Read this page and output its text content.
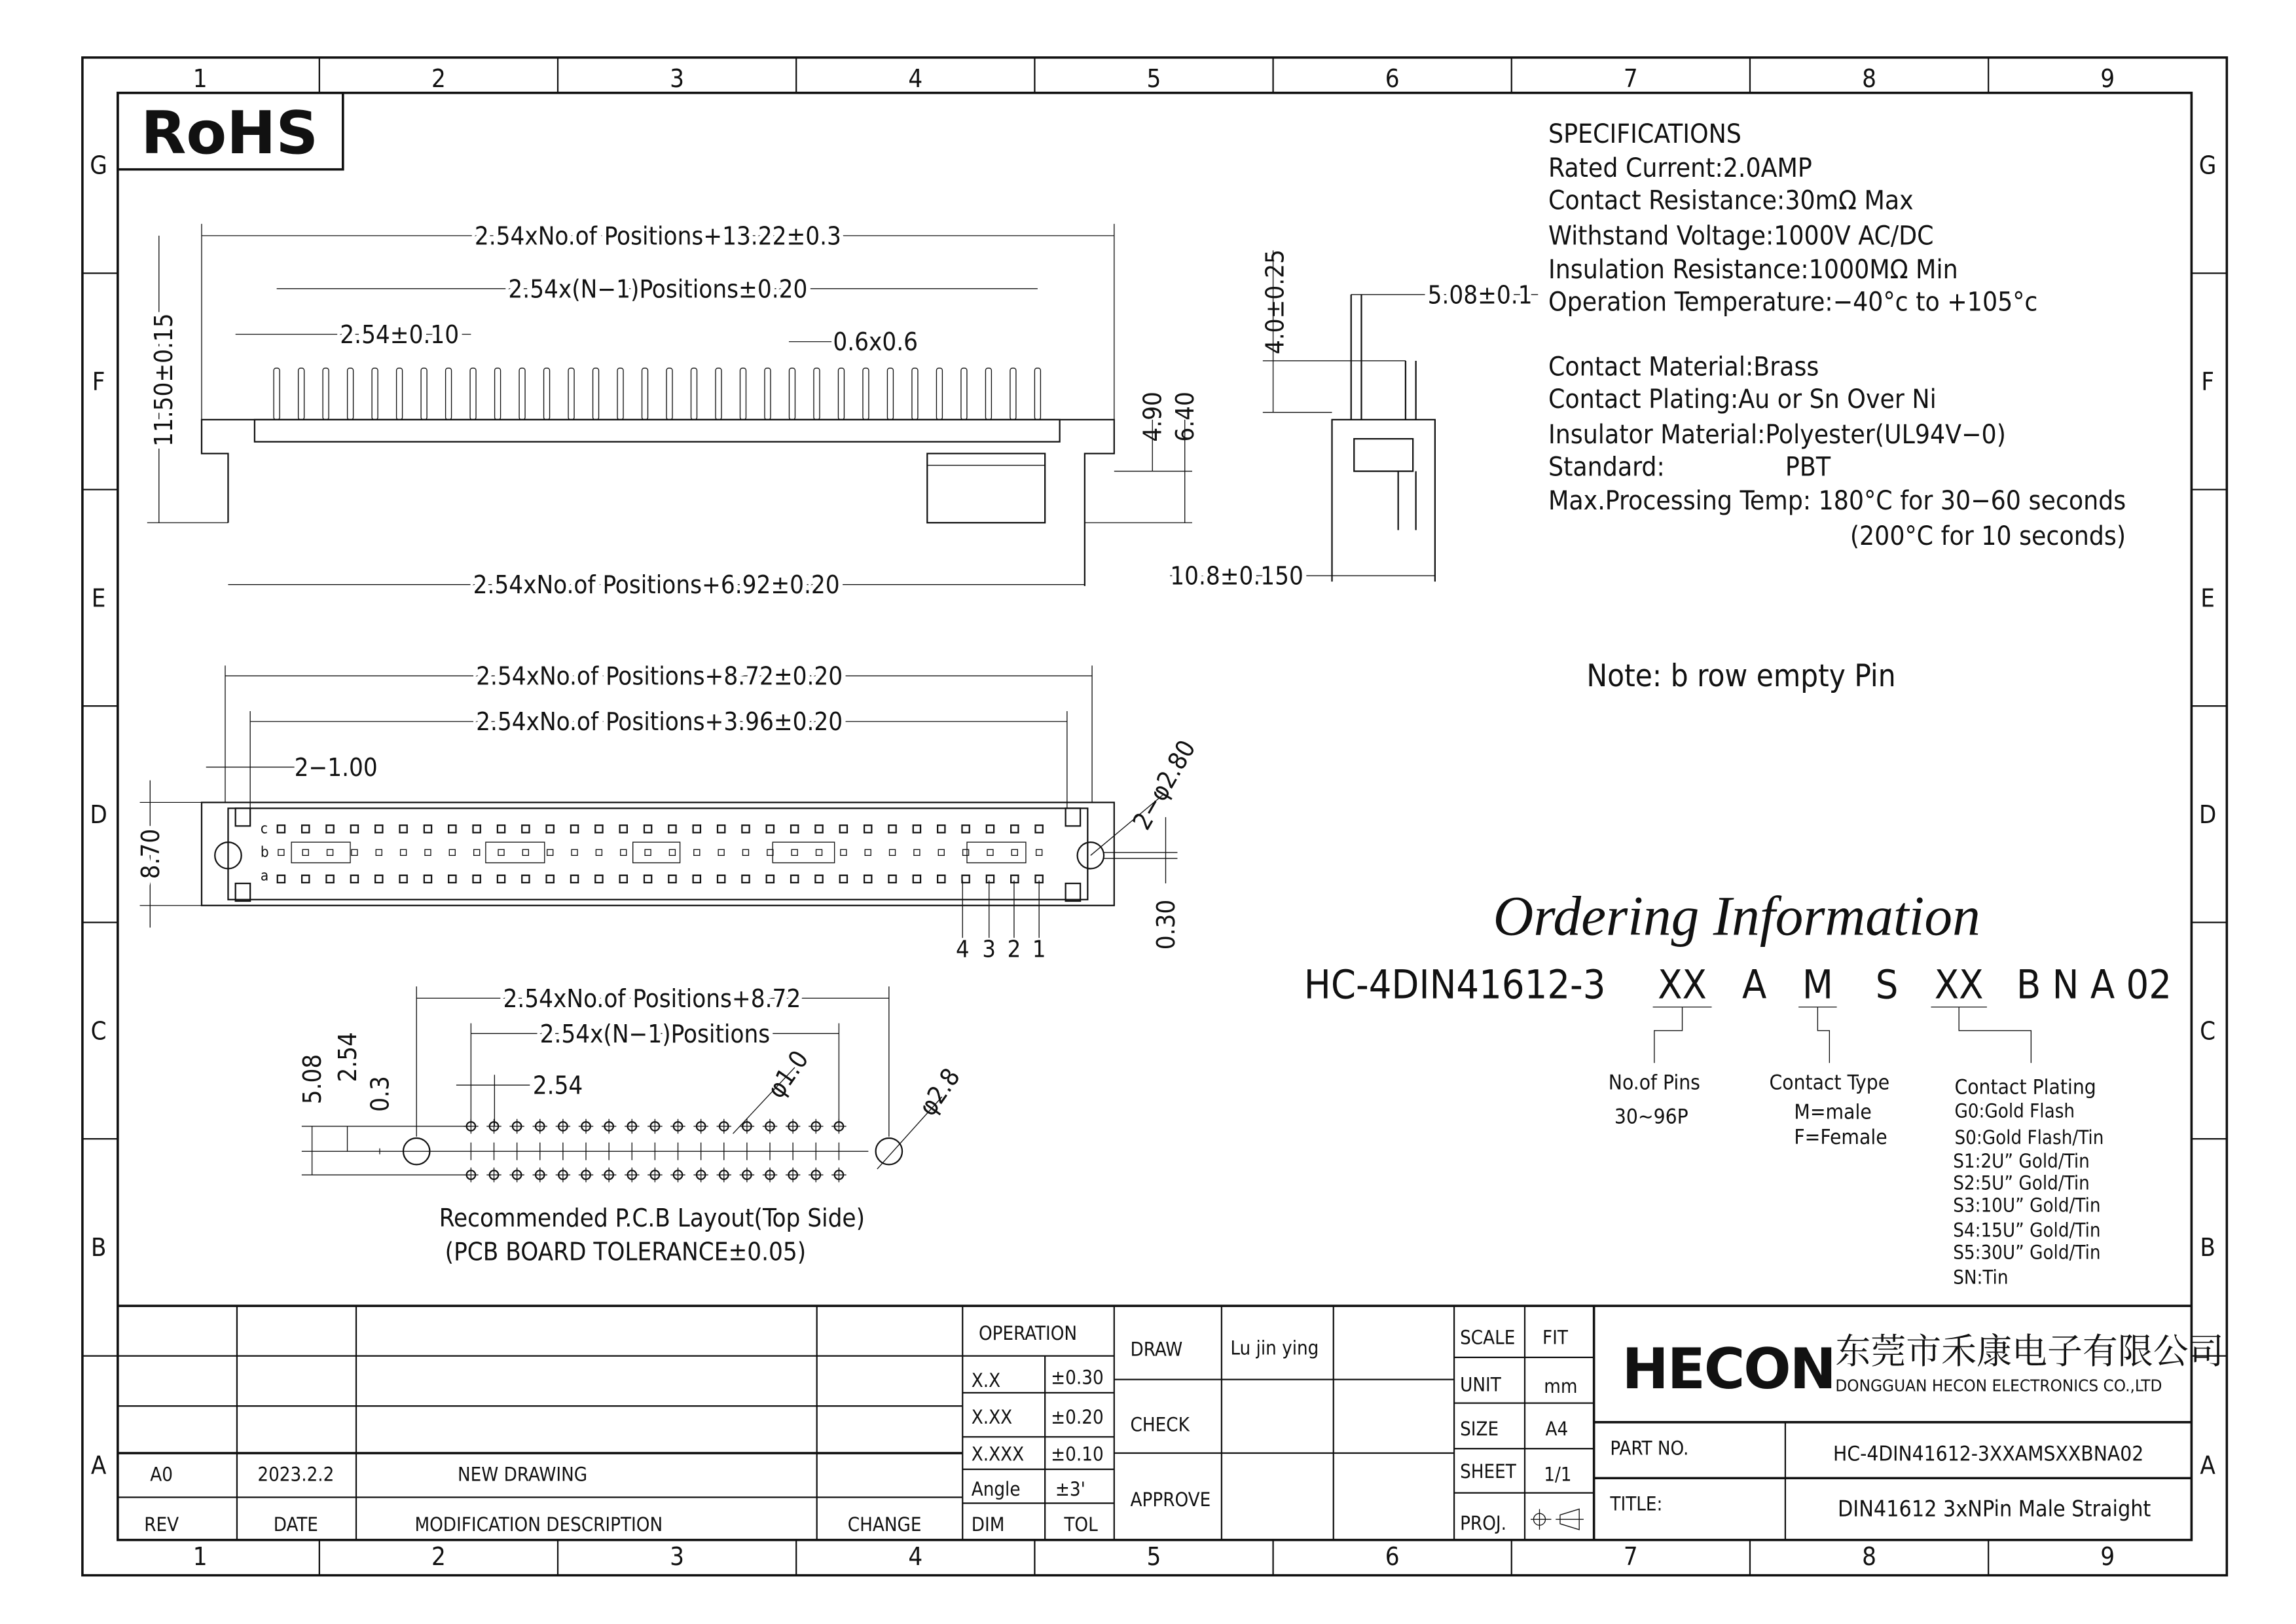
1
1
2
2
3
3
4
4
5
5
6
6
7
7
8
8
9
9
G	G
F	F
E	E
D	D
C	C
B	B
A	A
RoHS
2.54xNo.of Positions+13.22±0.3
2.54x(N−1)Positions±0.20
2.54±0.10	0.6x0.6
11.50±0.15	4.90 6.40
2.54xNo.of Positions+6.92±0.20
5.08±0.1
4.0±0.25
10.8±0.150
c
b
a
2.54xNo.of Positions+8.72±0.20
2.54xNo.of Positions+3.96±0.20
2−1.00
8.70
2−φ2.80
0.30
4 3 2 1
2.54xNo.of Positions+8.72
2.54x(N−1)Positions
2.54
5.08 2.54
0.3	φ1.0	φ2.8
Recommended P.C.B Layout(Top Side)
(PCB BOARD TOLERANCE±0.05)
SPECIFICATIONS
Rated Current:2.0AMP
Contact Resistance:30mΩ Max
Withstand Voltage:1000V AC/DC
Insulation Resistance:1000MΩ Min
Operation Temperature:−40°c to +105°c
Contact Material:Brass
Contact Plating:Au or Sn Over Ni
Insulator Material:Polyester(UL94V−0)
Standard:	PBT
Max.Processing Temp: 180°C for 30−60 seconds
(200°C for 10 seconds)
Note: b row empty Pin
Ordering Information
HC-4DIN41612-3	XX A M S XX B N A 02
No.of Pins
30~96P
Contact Type
M=male
F=Female
Contact Plating
G0:Gold Flash
S0:Gold Flash/Tin
S1:2U” Gold/Tin
S2:5U” Gold/Tin
S3:10U” Gold/Tin
S4:15U” Gold/Tin
S5:30U” Gold/Tin
SN:Tin
A0	2023.2.2	NEW DRAWING
REV	DATE	MODIFICATION DESCRIPTION	CHANGE
OPERATION
X.X	±0.30
X.XX	±0.20
X.XXX	±0.10
Angle	±3'
DIM	TOL
DRAW	Lu jin ying
CHECK
APPROVE
SCALE	FIT
UNIT	mm
SIZE	A4
SHEET	1/1
PROJ.
HECON 东莞市禾康电子有限公司
DONGGUAN HECON ELECTRONICS CO.,LTD
PART NO.	HC-4DIN41612-3XXAMSXXBNA02
TITLE:	DIN41612 3xNPin Male Straight
